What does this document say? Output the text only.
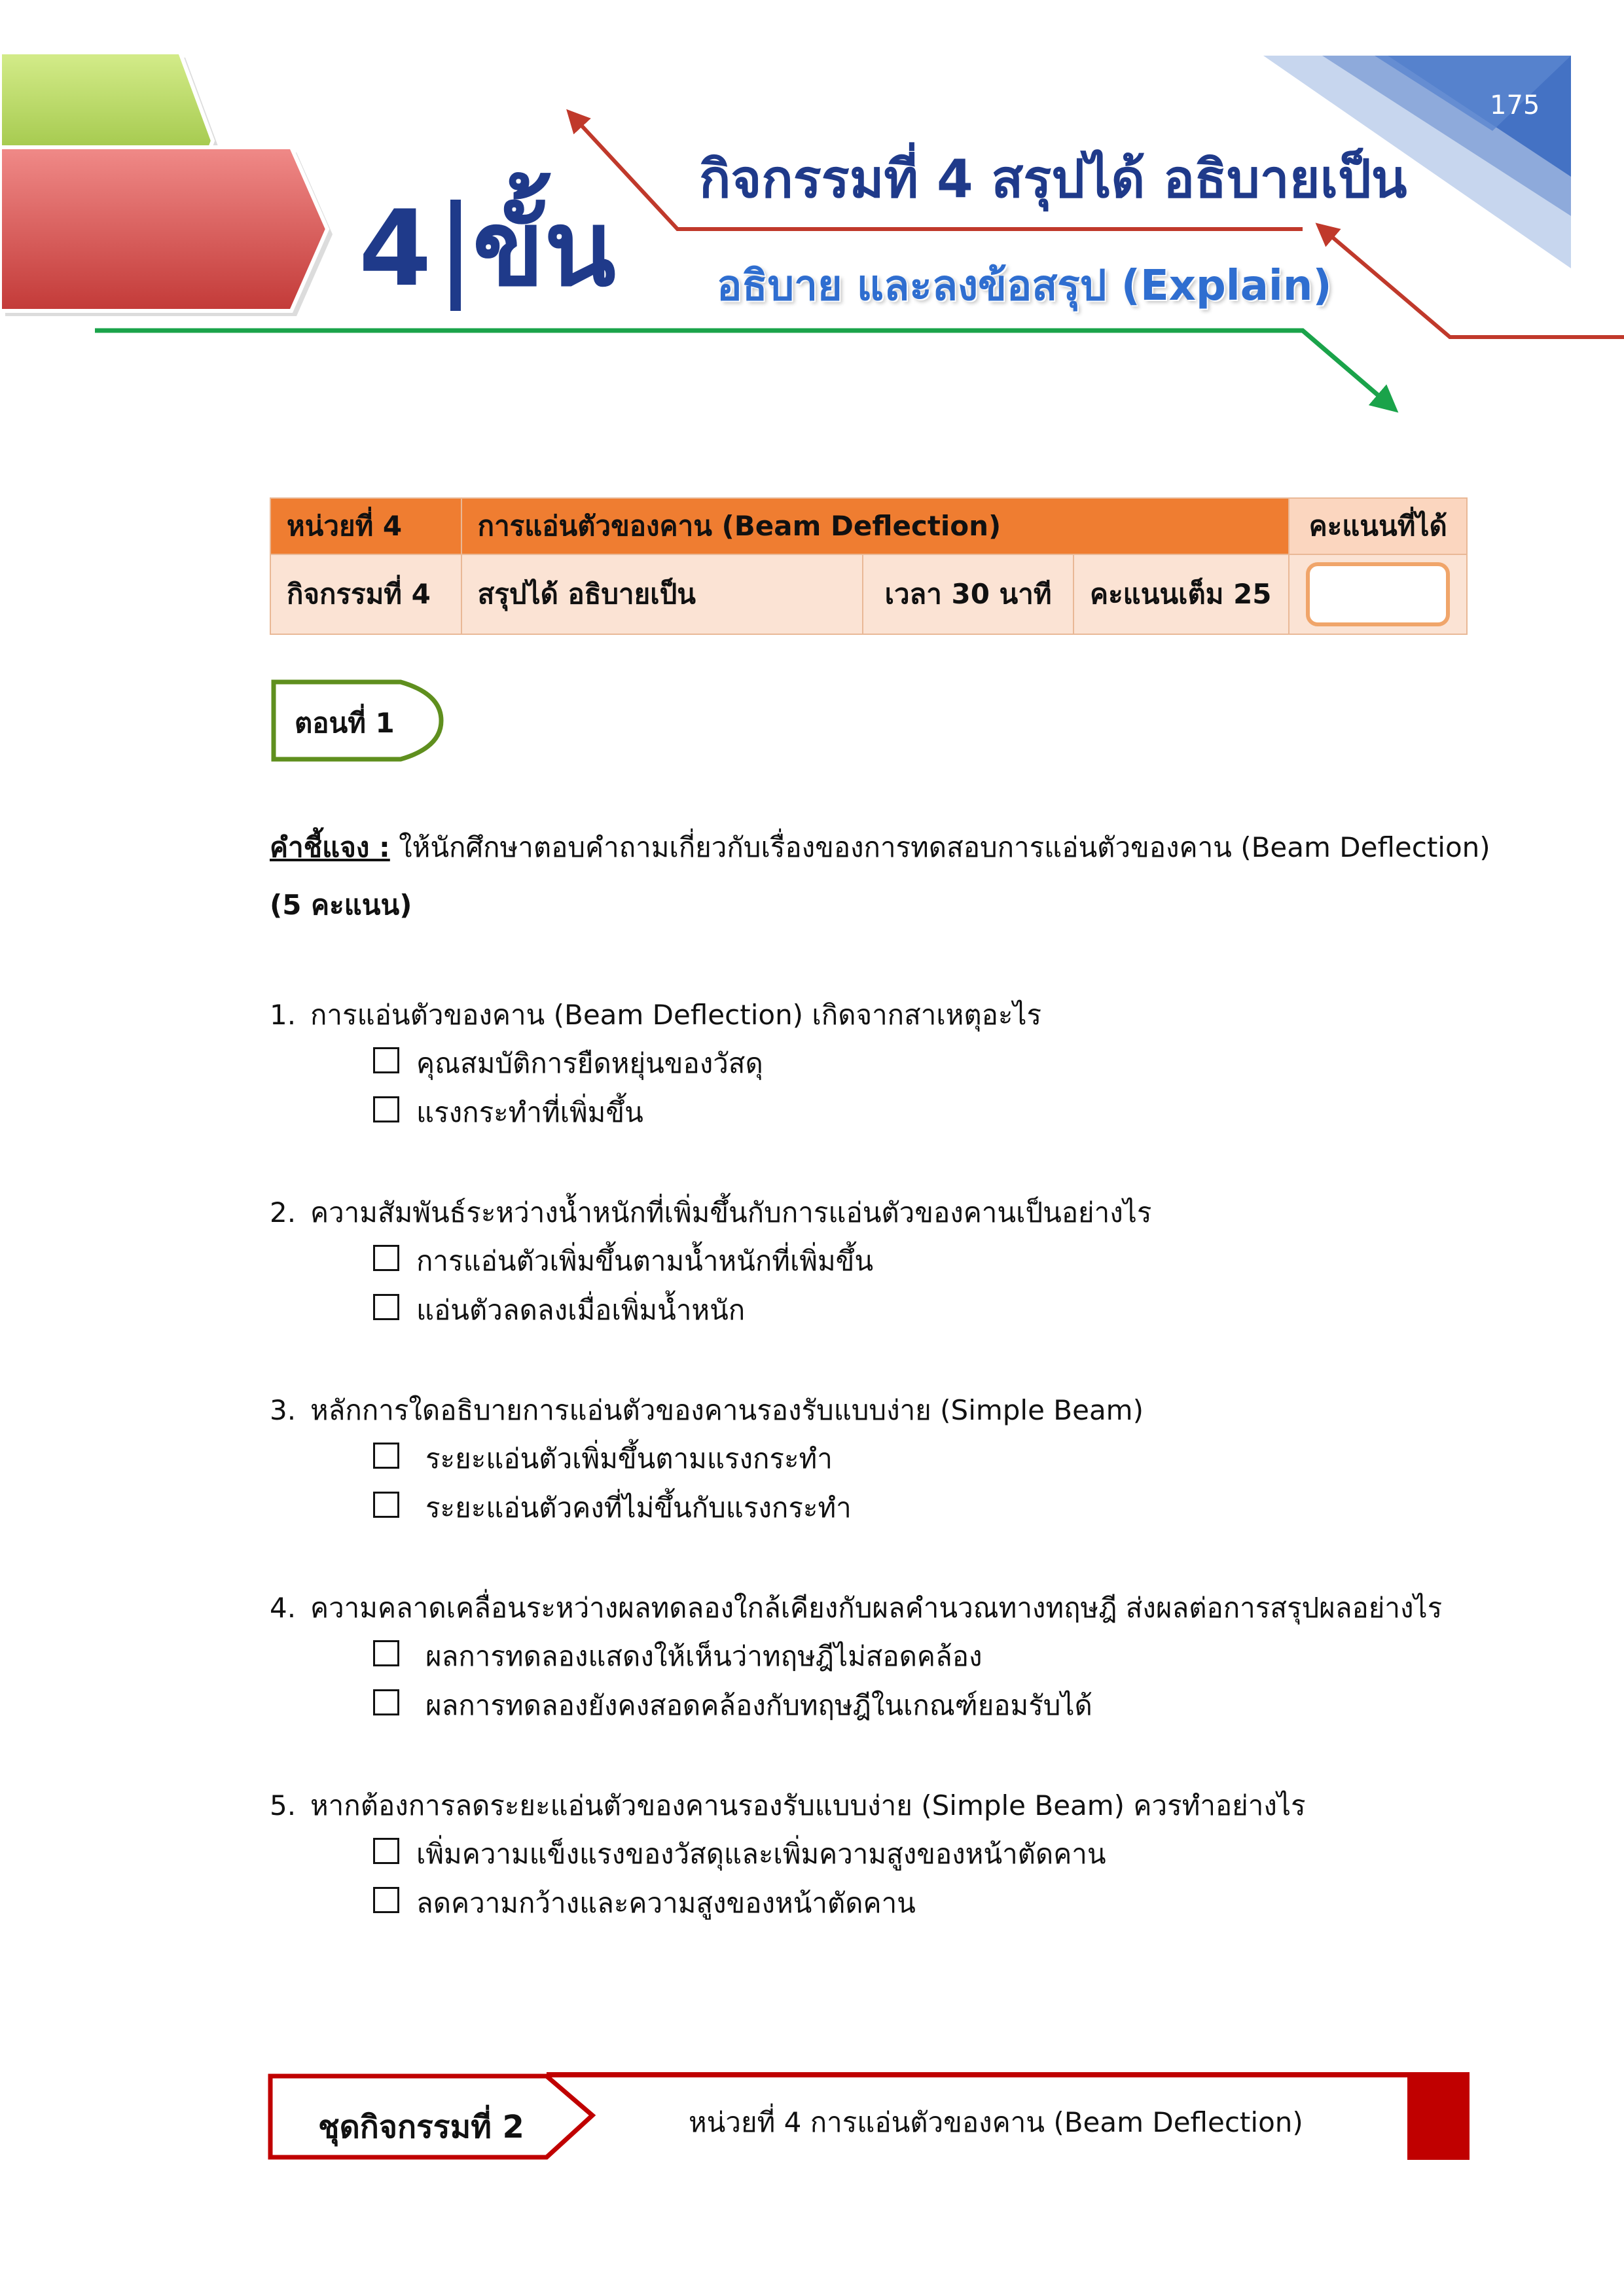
175
4 ขั้น
กิจกรรมที่ 4 สรุปได้ อธิบายเป็น
อธิบาย และลงข้อสรุป (Explain)
หน่วยที่ 4	การแอ่นตัวของคาน (Beam Deflection)			คะแนนที่ได้
กิจกรรมที่ 4	สรุปได้ อธิบายเป็น	เวลา 30 นาที	คะแนนเต็ม 25	
ตอนที่ 1
คำชี้แจง : ให้นักศึกษาตอบคำถามเกี่ยวกับเรื่องของการทดสอบการแอ่นตัวของคาน (Beam Deflection)
(5 คะแนน)
1. การแอ่นตัวของคาน (Beam Deflection) เกิดจากสาเหตุอะไร
คุณสมบัติการยืดหยุ่นของวัสดุ
แรงกระทำที่เพิ่มขึ้น
2. ความสัมพันธ์ระหว่างน้ำหนักที่เพิ่มขึ้นกับการแอ่นตัวของคานเป็นอย่างไร
การแอ่นตัวเพิ่มขึ้นตามน้ำหนักที่เพิ่มขึ้น
แอ่นตัวลดลงเมื่อเพิ่มน้ำหนัก
3. หลักการใดอธิบายการแอ่นตัวของคานรองรับแบบง่าย (Simple Beam)
ระยะแอ่นตัวเพิ่มขึ้นตามแรงกระทำ
ระยะแอ่นตัวคงที่ไม่ขึ้นกับแรงกระทำ
4. ความคลาดเคลื่อนระหว่างผลทดลองใกล้เคียงกับผลคำนวณทางทฤษฎี ส่งผลต่อการสรุปผลอย่างไร
ผลการทดลองแสดงให้เห็นว่าทฤษฎีไม่สอดคล้อง
ผลการทดลองยังคงสอดคล้องกับทฤษฎีในเกณฑ์ยอมรับได้
5. หากต้องการลดระยะแอ่นตัวของคานรองรับแบบง่าย (Simple Beam) ควรทำอย่างไร
เพิ่มความแข็งแรงของวัสดุและเพิ่มความสูงของหน้าตัดคาน
ลดความกว้างและความสูงของหน้าตัดคาน
ชุดกิจกรรมที่ 2	หน่วยที่ 4 การแอ่นตัวของคาน (Beam Deflection)
